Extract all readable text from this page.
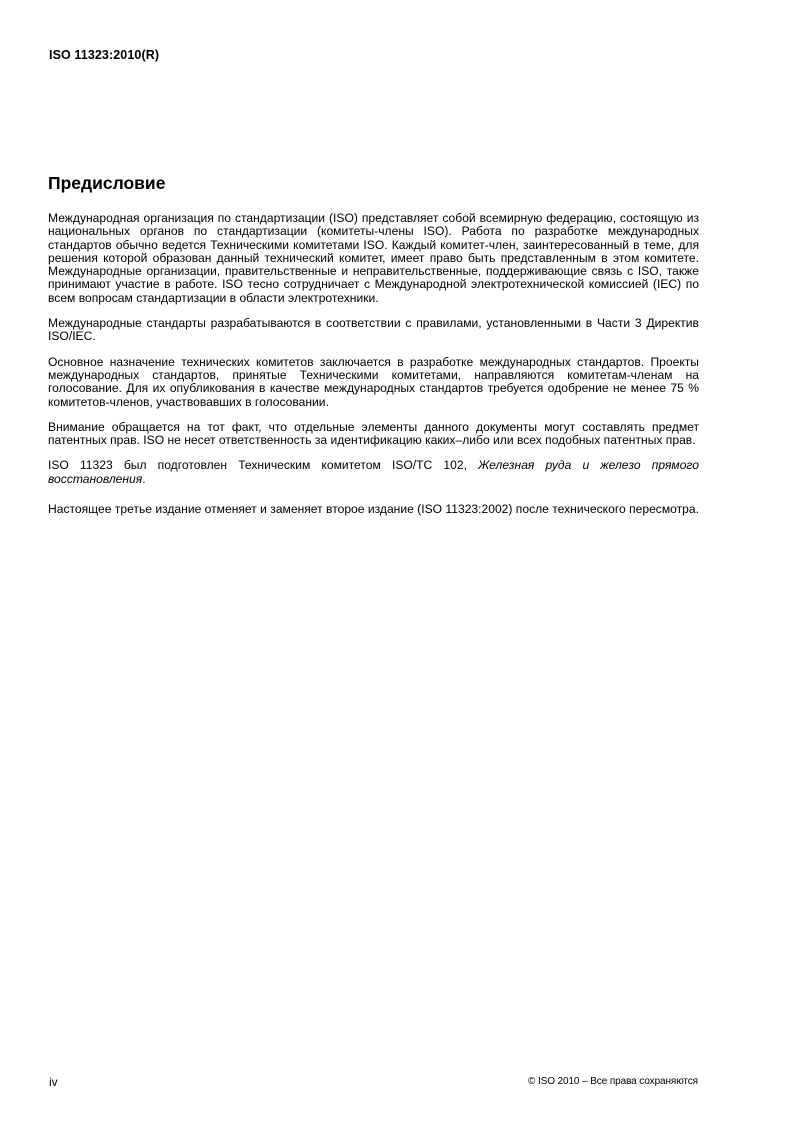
ISO 11323:2010(R)
Предисловие

Международная организация по стандартизации (ISO) представляет собой всемирную федерацию, состоящую из национальных органов по стандартизации (комитеты-члены ISO). Работа по разработке международных стандартов обычно ведется Техническими комитетами ISO. Каждый комитет-член, заинтересованный в теме, для решения которой образован данный технический комитет, имеет право быть представленным в этом комитете. Международные организации, правительственные и неправительственные, поддерживающие связь с ISO, также принимают участие в работе. ISO тесно сотрудничает с Международной электротехнической комиссией (IEC) по всем вопросам стандартизации в области электротехники.

Международные стандарты разрабатываются в соответствии с правилами, установленными в Части 3 Директив ISO/IEC.

Основное назначение технических комитетов заключается в разработке международных стандартов. Проекты международных стандартов, принятые Техническими комитетами, направляются комитетам-членам на голосование. Для их опубликования в качестве международных стандартов требуется одобрение не менее 75 % комитетов-членов, участвовавших в голосовании.

Внимание обращается на тот факт, что отдельные элементы данного документы могут составлять предмет патентных прав. ISO не несет ответственность за идентификацию каких–либо или всех подобных патентных прав.

ISO 11323 был подготовлен Техническим комитетом ISO/TC 102, Железная руда и железо прямого восстановления.

Настоящее третье издание отменяет и заменяет второе издание (ISO 11323:2002) после технического пересмотра.

iv	© ISO 2010 – Все права сохраняются
